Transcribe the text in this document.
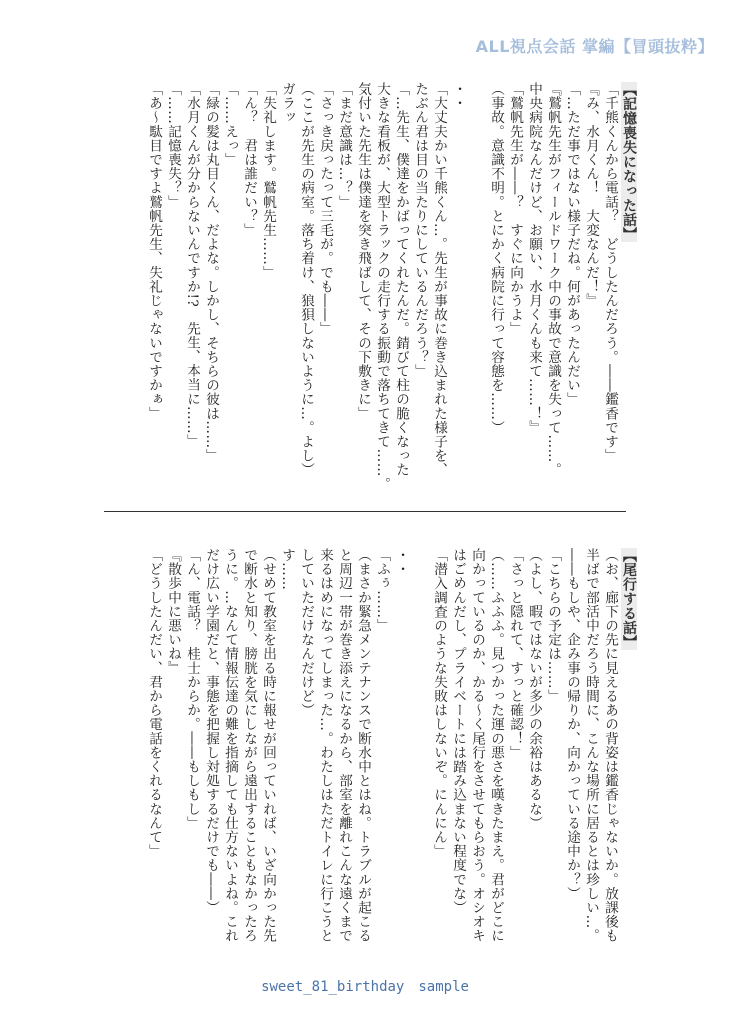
ALL視点会話 掌編【冒頭抜粋】
【記憶喪失になった話】

「千熊くんから電話？　どうしたんだろう。――鑑香です」

『み、水月くん！　大変なんだ！』

「…ただ事ではない様子だね。何があったんだい」

『鷲帆先生がフィールドワーク中の事故で意識を失って……。

中央病院なんだけど、お願い、水月くんも来て……！』

「鷲帆先生が――？　すぐに向かうよ」

（事故。意識不明。とにかく病院に行って容態を……）

・・

「大丈夫かい千熊くん…。先生が事故に巻き込まれた様子を、

たぶん君は目の当たりにしているんだろう？」

「…先生、僕達をかばってくれたんだ。錆びて柱の脆くなった

大きな看板が、大型トラックの走行する振動で落ちてきて……。

気付いた先生は僕達を突き飛ばして、その下敷きに」

「まだ意識は…？」

「さっき戻ったって三毛が。でも――」

（ここが先生の病室。落ち着け、狼狽しないように…。よし）

ガラッ

「失礼します。鷲帆先生……」

「ん？　君は誰だい？」

「……えっ」

「緑の髪は丸目くん、だよな。しかし、そちらの彼は……」

「水月くんが分からないんですか!?　先生、本当に……」

「……記憶喪失？」

「あ～駄目ですよ鷲帆先生、失礼じゃないですかぁ」

【尾行する話】

（お、廊下の先に見えるあの背姿は鑑香じゃないか。放課後も

半ばで部活中だろう時間に、こんな場所に居るとは珍しい…。

――もしや、企み事の帰りか、向かっている途中か？）

「こちらの予定は……」

（よし、暇ではないが多少の余裕はあるな）

「さっと隠れて、すっと確認！」

（……ふふふ。見つかった運の悪さを嘆きたまえ。君がどこに

向かっているのか、かる～く尾行をさせてもらおう。オシオキ

はごめんだし、プライベートには踏み込まない程度でな）

「潜入調査のような失敗はしないぞ。にんにん」

・・

「ふぅ……」

（まさか緊急メンテナンスで断水中とはね。トラブルが起こる

と周辺一帯が巻き添えになるから、部室を離れこんな遠くまで

来るはめになってしまった…。わたしはただトイレに行こうと

していただけなんだけど）

す……

（せめて教室を出る時に報せが回っていれば、いざ向かった先

で断水と知り、膀胱を気にしながら遠出することもなかったろ

うに。…なんて情報伝達の難を指摘しても仕方ないよね。これ

だけ広い学園だと、事態を把握し対処するだけでも――）

「ん、電話？　桂士からか。――もしもし」

『散歩中に悪いね』

「どうしたんだい、君から電話をくれるなんて」

sweet_81_birthday　sample
